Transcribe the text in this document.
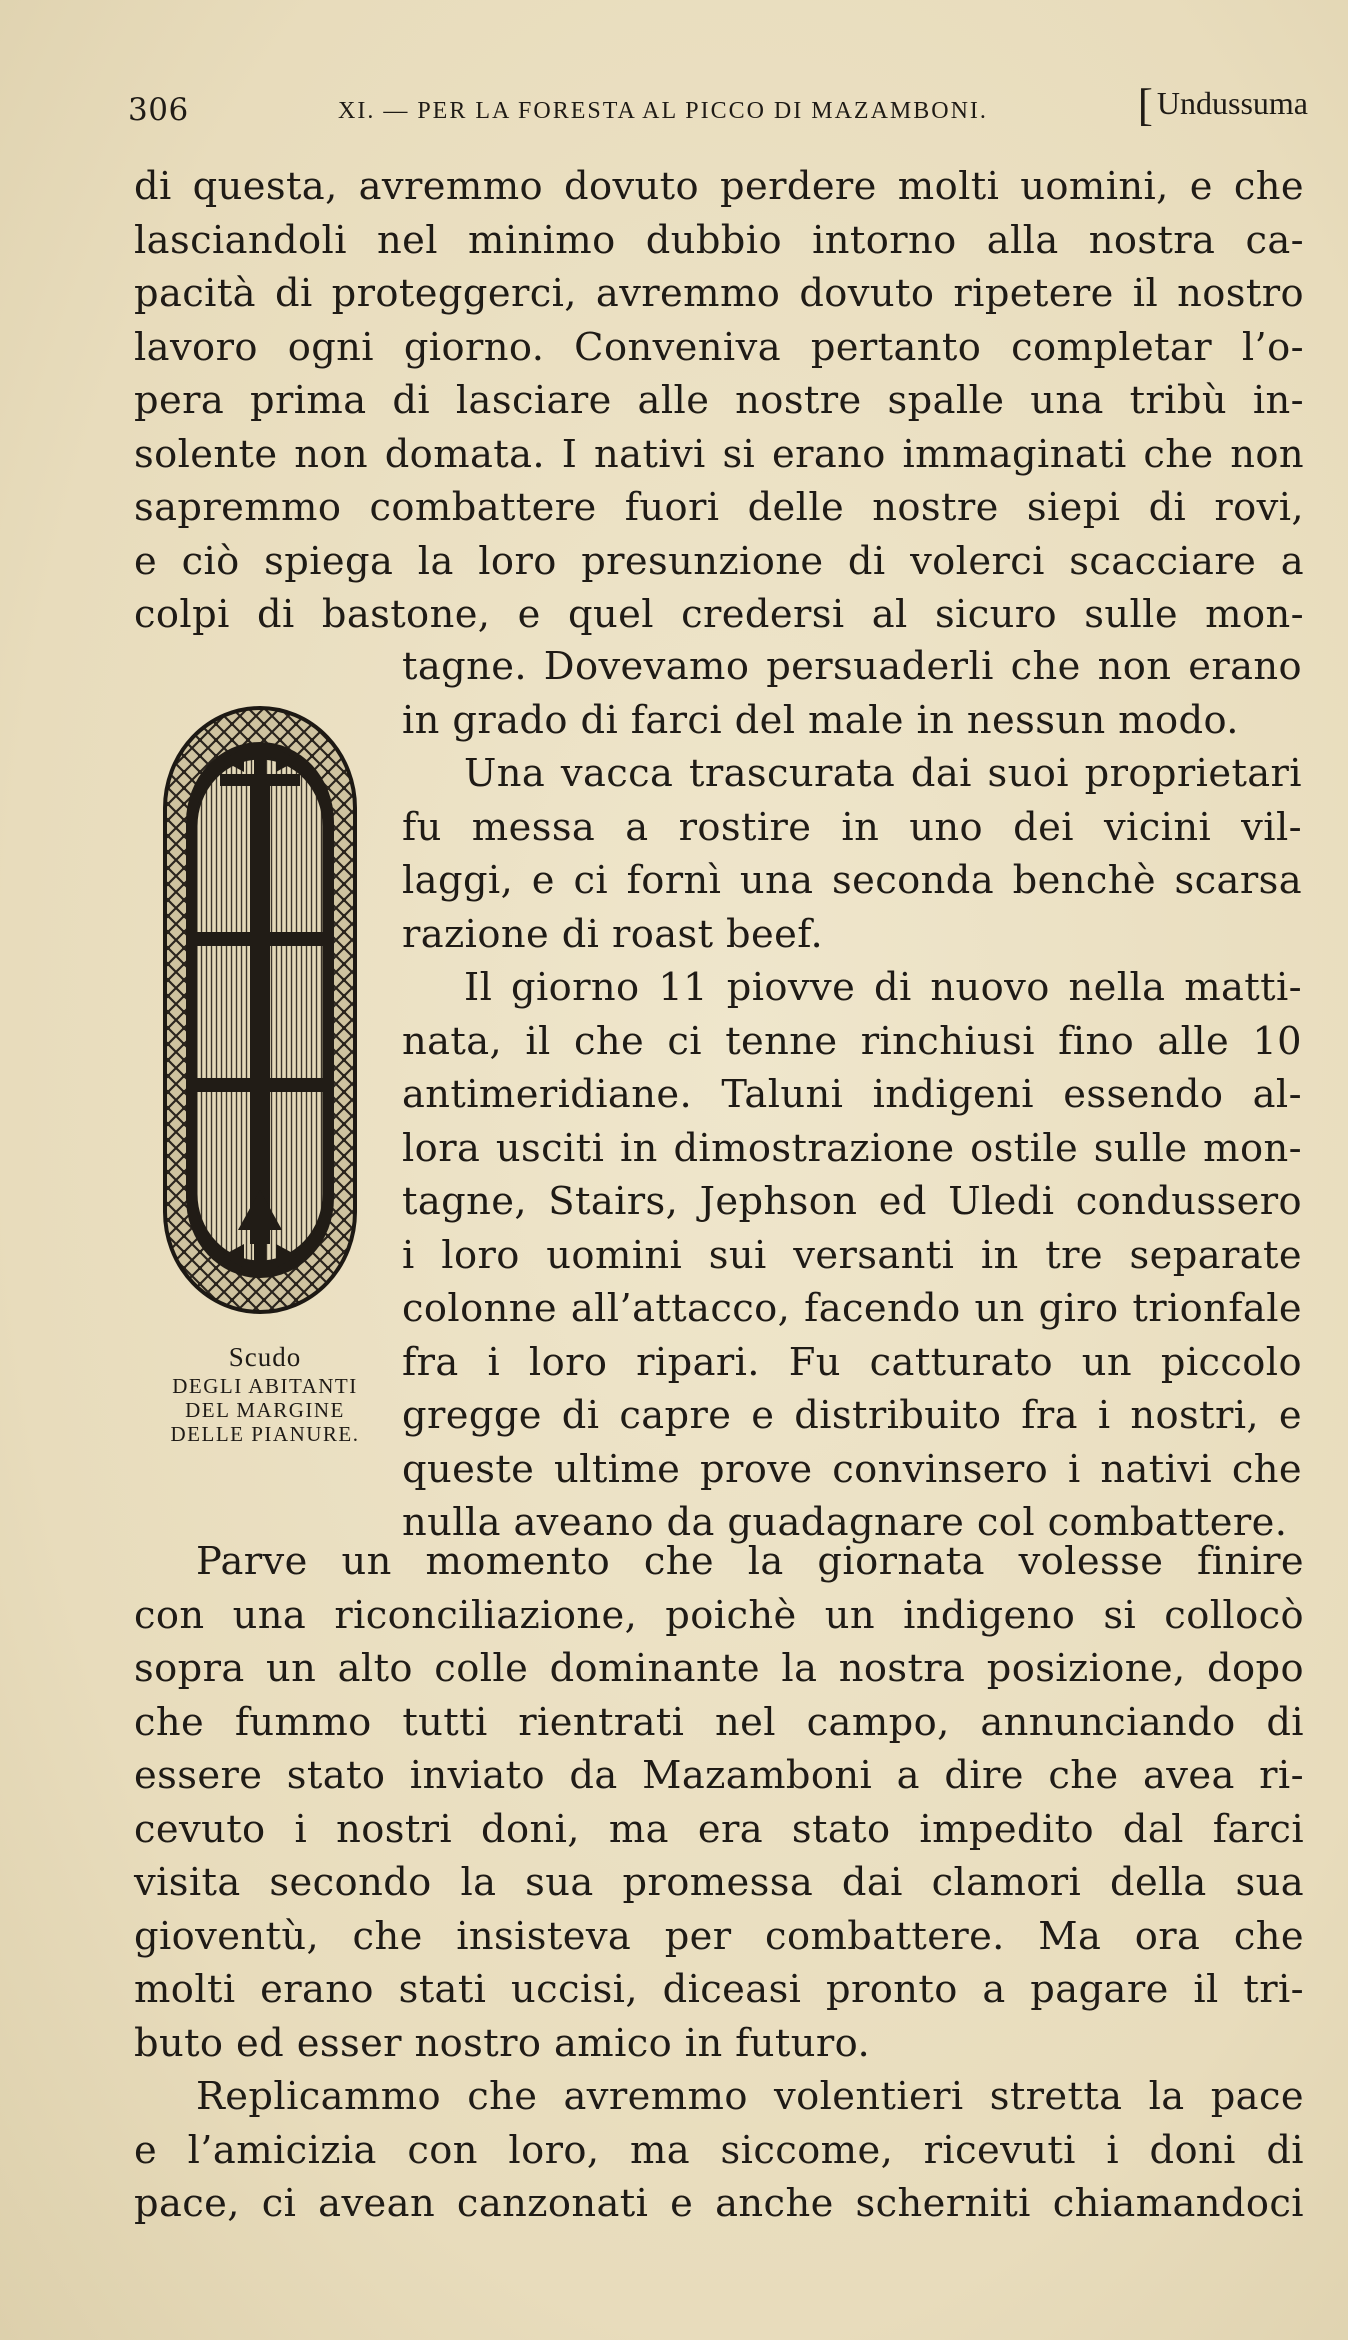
306	XI. — PER LA FORESTA AL PICCO DI MAZAMBONI.	[ Undussuma
di questa, avremmo dovuto perdere molti uomini, e che
lasciandoli nel minimo dubbio intorno alla nostra ca-
pacità di proteggerci, avremmo dovuto ripetere il nostro
lavoro ogni giorno. Conveniva pertanto completar l’o-
pera prima di lasciare alle nostre spalle una tribù in-
solente non domata. I nativi si erano immaginati che non
sapremmo combattere fuori delle nostre siepi di rovi,
e ciò spiega la loro presunzione di volerci scacciare a
colpi di bastone, e quel credersi al sicuro sulle mon-
tagne. Dovevamo persuaderli che non erano
in grado di farci del male in nessun modo.
Una vacca trascurata dai suoi proprietari
fu messa a rostire in uno dei vicini vil-
laggi, e ci fornì una seconda benchè scarsa
razione di roast beef.
Il giorno 11 piovve di nuovo nella matti-
nata, il che ci tenne rinchiusi fino alle 10
antimeridiane. Taluni indigeni essendo al-
lora usciti in dimostrazione ostile sulle mon-
tagne, Stairs, Jephson ed Uledi condussero
i loro uomini sui versanti in tre separate
colonne all’attacco, facendo un giro trionfale
fra i loro ripari. Fu catturato un piccolo
gregge di capre e distribuito fra i nostri, e
queste ultime prove convinsero i nativi che
nulla aveano da guadagnare col combattere.
Scudo
DEGLI ABITANTI
DEL MARGINE
DELLE PIANURE.
Parve un momento che la giornata volesse finire
con una riconciliazione, poichè un indigeno si collocò
sopra un alto colle dominante la nostra posizione, dopo
che fummo tutti rientrati nel campo, annunciando di
essere stato inviato da Mazamboni a dire che avea ri-
cevuto i nostri doni, ma era stato impedito dal farci
visita secondo la sua promessa dai clamori della sua
gioventù, che insisteva per combattere. Ma ora che
molti erano stati uccisi, diceasi pronto a pagare il tri-
buto ed esser nostro amico in futuro.
Replicammo che avremmo volentieri stretta la pace
e l’amicizia con loro, ma siccome, ricevuti i doni di
pace, ci avean canzonati e anche scherniti chiamandoci
